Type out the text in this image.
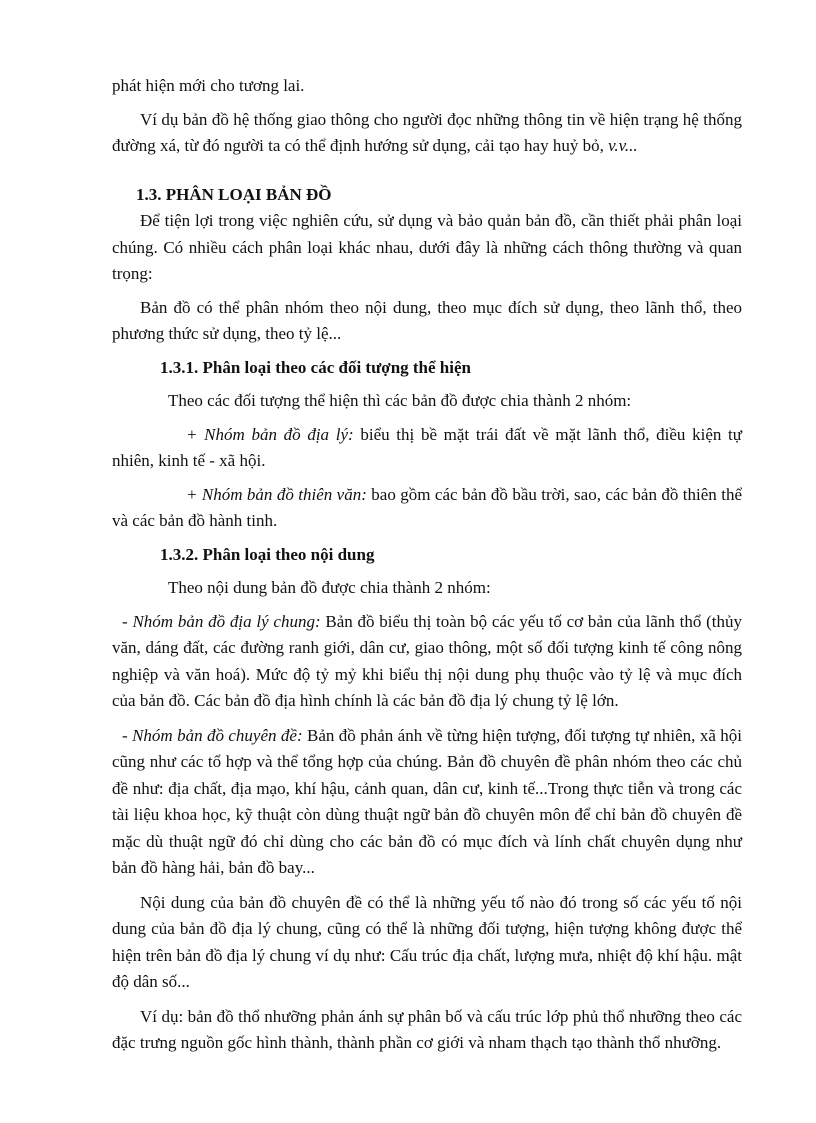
phát hiện mới cho tương lai.

Ví dụ bản đồ hệ thống giao thông cho người đọc những thông tin về hiện trạng hệ thống đường xá, từ đó người ta có thể định hướng sử dụng, cải tạo hay huỷ bỏ, v.v...

1.3. PHÂN LOẠI BẢN ĐỒ

Để tiện lợi trong việc nghiên cứu, sử dụng và bảo quản bản đồ, cần thiết phải phân loại chúng. Có nhiều cách phân loại khác nhau, dưới đây là những cách thông thường và quan trọng:

Bản đồ có thể phân nhóm theo nội dung, theo mục đích sử dụng, theo lãnh thổ, theo phương thức sử dụng, theo tỷ lệ...

1.3.1. Phân loại theo các đối tượng thể hiện

Theo các đối tượng thể hiện thì các bản đồ được chia thành 2 nhóm:

+ Nhóm bản đồ địa lý: biểu thị bề mặt trái đất về mặt lãnh thổ, điều kiện tự nhiên, kinh tế - xã hội.

+ Nhóm bản đồ thiên văn: bao gồm các bản đồ bầu trời, sao, các bản đồ thiên thể và các bản đồ hành tinh.

1.3.2. Phân loại theo nội dung

Theo nội dung bản đồ được chia thành 2 nhóm:

- Nhóm bản đồ địa lý chung: Bản đồ biểu thị toàn bộ các yếu tố cơ bản của lãnh thổ (thủy văn, dáng đất, các đường ranh giới, dân cư, giao thông, một số đối tượng kinh tế công nông nghiệp và văn hoá). Mức độ tỷ mỷ khi biểu thị nội dung phụ thuộc vào tỷ lệ và mục đích của bản đồ. Các bản đồ địa hình chính là các bản đồ địa lý chung tỷ lệ lớn.

- Nhóm bản đồ chuyên đề: Bản đồ phản ánh về từng hiện tượng, đối tượng tự nhiên, xã hội cũng như các tổ hợp và thể tổng hợp của chúng. Bản đồ chuyên đề phân nhóm theo các chủ đề như: địa chất, địa mạo, khí hậu, cảnh quan, dân cư, kinh tế...Trong thực tiễn và trong các tài liệu khoa học, kỹ thuật còn dùng thuật ngữ bản đồ chuyên môn để chỉ bản đồ chuyên đề mặc dù thuật ngữ đó chỉ dùng cho các bản đồ có mục đích và lính chất chuyên dụng như bản đồ hàng hải, bản đồ bay...

Nội dung của bản đồ chuyên đề có thể là những yếu tố nào đó trong số các yếu tố nội dung của bản đồ địa lý chung, cũng có thể là những đối tượng, hiện tượng không được thể hiện trên bản đồ địa lý chung ví dụ như: Cấu trúc địa chất, lượng mưa, nhiệt độ khí hậu. mật độ dân số...

Ví dụ: bản đồ thổ nhưỡng phản ánh sự phân bố và cấu trúc lớp phủ thổ nhưỡng theo các đặc trưng nguồn gốc hình thành, thành phần cơ giới và nham thạch tạo thành thổ nhưỡng.
